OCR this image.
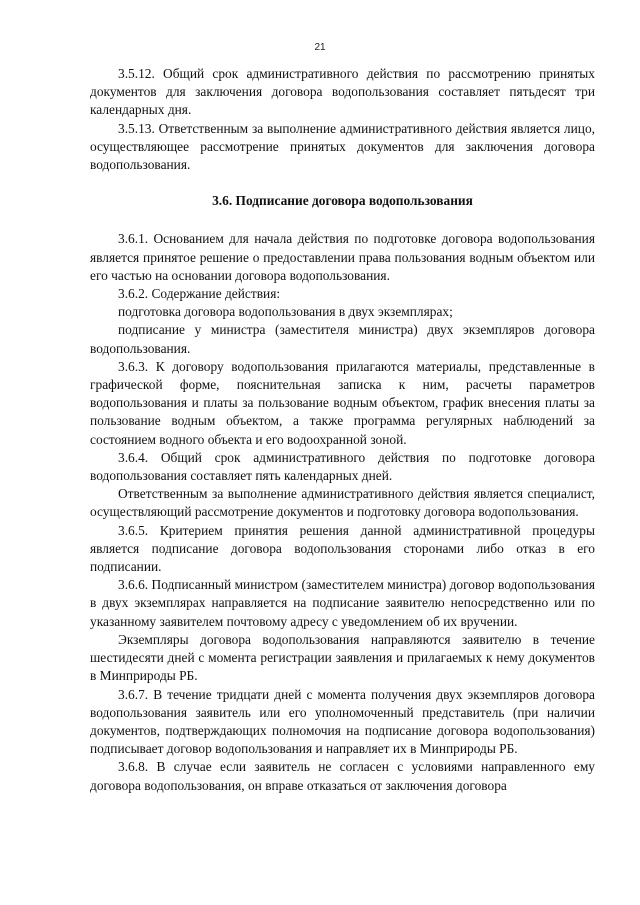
21

3.5.12. Общий срок административного действия по рассмотрению принятых документов для заключения договора водопользования составляет пятьдесят три календарных дня.

3.5.13. Ответственным за выполнение административного действия является лицо, осуществляющее рассмотрение принятых документов для заключения договора водопользования.

3.6. Подписание договора водопользования

3.6.1. Основанием для начала действия по подготовке договора водопользования является принятое решение о предоставлении права пользования водным объектом или его частью на основании договора водопользования.

3.6.2. Содержание действия:

подготовка договора водопользования в двух экземплярах;

подписание у министра (заместителя министра) двух экземпляров договора водопользования.

3.6.3. К договору водопользования прилагаются материалы, представленные в графической форме, пояснительная записка к ним, расчеты параметров водопользования и платы за пользование водным объектом, график внесения платы за пользование водным объектом, а также программа регулярных наблюдений за состоянием водного объекта и его водоохранной зоной.

3.6.4. Общий срок административного действия по подготовке договора водопользования составляет пять календарных дней.

Ответственным за выполнение административного действия является специалист, осуществляющий рассмотрение документов и подготовку договора водопользования.

3.6.5. Критерием принятия решения данной административной процедуры является подписание договора водопользования сторонами либо отказ в его подписании.

3.6.6. Подписанный министром (заместителем министра) договор водопользования в двух экземплярах направляется на подписание заявителю непосредственно или по указанному заявителем почтовому адресу с уведомлением об их вручении.

Экземпляры договора водопользования направляются заявителю в течение шестидесяти дней с момента регистрации заявления и прилагаемых к нему документов в Минприроды РБ.

3.6.7. В течение тридцати дней с момента получения двух экземпляров договора водопользования заявитель или его уполномоченный представитель (при наличии документов, подтверждающих полномочия на подписание договора водопользования) подписывает договор водопользования и направляет их в Минприроды РБ.

3.6.8. В случае если заявитель не согласен с условиями направленного ему договора водопользования, он вправе отказаться от заключения договора
